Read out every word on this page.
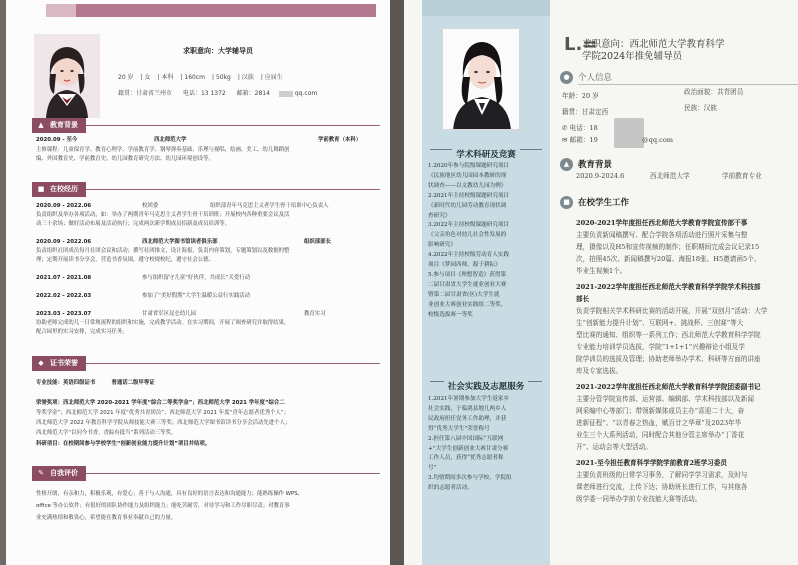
求职意向：大学辅导员
20 岁 | 女 | 本科 | 160cm | 50kg | 汉族 | 应届生
籍贯：甘肃省兰州市 电话：13 1372 邮箱：2814	qq.com
▲ 教育背景
2020.09 - 至今	西北师范大学	学前教育（本科）
主修课程：儿童保育学、教育心理学、学前教育学、钢琴弹奏基础、乐理与视唱、绘画、美工、幼儿舞蹈创
编、外国教育史、学前教育史、幼儿园教育研究方法、幼儿园环境创设等。
■ 在校经历
2020.09 - 2022.06	校团委	组织部青年马克思主义者学生骨干培训中心负责人
负责组织及举办各项活动，如：举办了两期青年马克思主义者学生骨干培训班；开展校内各种重要会议及活
动三十余场；做好活动布展及活动执行；完成两次新学期成员招新及成员培训等。
2020.09 - 2022.06	西北师范大学图书馆读者俱乐部	组织部部长
负责组织社团成员每月社团会议和活动；撰写社团推文，设计海报，负责内容策划，专题策划以及数据的整
理；定期开展读书分享会，营造书香氛围，遵守校规校纪，遵守社会公德。
2021.07 - 2021.08	参与组织留守儿童“好伙伴，共成长”关爱行动
2022.02 - 2022.03	参加了“美好假期”大学生温暖公益行实践活动
2023.03 - 2023.07	甘肃省军区昆仑幼儿园	教育实习
协助老师完成幼儿一日常规流程的组织和实施，完成教学活动。在实习期间，开展了调查研究并取得结果，
配合园里的实习安排，完成实习任务。
◆ 证书荣誉
专业技能：英语四级证书　　　普通话二级甲等证
荣誉奖项：西北师范大学 2020-2021 学年度“综合二等奖学金”；西北师范大学 2021 学年度“综合二
等奖学金”；西北师范大学 2021 年度“优秀共青团员”；西北师范大学 2021 年度“青年志愿者优秀个人”；
西北师范大学 2022 年教育科学学院从师技能大赛三等奖；西北师范大学图书馆读书分享会活动先进个人；
西北师范大学“以问今书香，香踪有抵当”系列活动三等奖。
科研项目：在校期间参与学校学生“创新创业能力提升计划”项目并结项。
✎ 自我评价
性格开朗，有亲和力，积极乐观，有爱心；善于与人沟通，具有良好的语言表达和沟通能力；能熟练操作 WPS、
office 等办公软件；有很好的团队协作能力及组织能力；能吃苦耐劳，对待学习和工作尽职尽责；对教育事
业充满热情和敬畏心，希望能在教育事业奉献自己的力量。
学术科研及竞赛

1.2020年参与院级课题研究项目

《民族地区幼儿园园本教研的现

状调查——以文教幼儿园为例》

2.2021年主持校级课题研究项目

《新时代幼儿园劳动教育现状调

查研究》

3.2022年主持校级课题研究项目

《父亲角色对幼儿社会性发展的

影响研究》

4.2022年主持校级劳动育人实践

项目《梦园西师，源于耕耘》

5.参与项目《理想智造》获得第

二届甘肃省大学生就业创业大赛

暨第二届甘肃省(区)大学生就

业创业大赛创业实践组二等奖、

校级选拔赛一等奖

社会实践及志愿服务

1.2021年暑期参加大学生返家乡

社会实践，于临洮县地儿两乡人

民政府担任党务工作助理，并获

得“优秀大学生”荣誉称号

2.担任第八届中国国际“互联网

+”大学生创新创业大赛甘肃分赛

工作人员，获得“优秀志愿者称

号”

3.均情期间多次参与学校、学院组

织的志愿者活动。

L.=
求职意向：西北师范大学教育科学
学院2024年推免辅导员
● 个人信息
年龄：20 岁	政治面貌：共青团员
籍贯：甘肃定西	民族：汉族
✆ 电话：18
✉ 邮箱：19	@qq.com
▲	教育背景
2020.9-2024.6	西北师范大学	学前教育专业
■ 在校学生工作
2020-2021学年度担任西北师范大学教育学院宣传部干事
主要负责新闻稿撰写、配合学院各项活动进行照片采集与整
理，摄像以及H5和宣传视频的制作；任职期间完成会议记录15
次，拍照45次、新闻稿撰写20篇、海报18张、H5邀请函5个、
毕业生视频1个。
2021-2022学年度担任西北师范大学教育科学学院学术科技部
部长
负责学院相关学术科研比赛的活动开展，开展“双创月”活动：大学
生“创新能力提升计划”、互联网+、挑战杯、三创赛”等大
型比赛的通知、组织等一系列工作；西北师范大学教育科学学院
专业能力培训学员选拔，学院“1+1+1”兴趣辩论小组及学
院学训员的选拔及管理；协助老师举办学术、科研等方面的讲座
库及专家选拔。
2021-2022学年度担任西北师范大学教育科学学院团委副书记
主要分管学院宣传部、运营部、编辑部、学术科技部以及新闻
网采编中心等部门；带领新媒体成员主办“喜迎二十大，奋
进新征程”、“以青春之热血，赋百廿之华章”及2023年毕
业生三个大系列活动，同时配合其他分管主席举办“丁香花
开”、运动会等大型活动。
2021-至今担任教育科学学院学前教育2班学习委员
主要负责班级的日常学习事务，了解同学学习需求，及时与
课老师进行交流，上传下达；协助班长进行工作，与其他各
级学委一同举办学前专业技能大赛等活动。
